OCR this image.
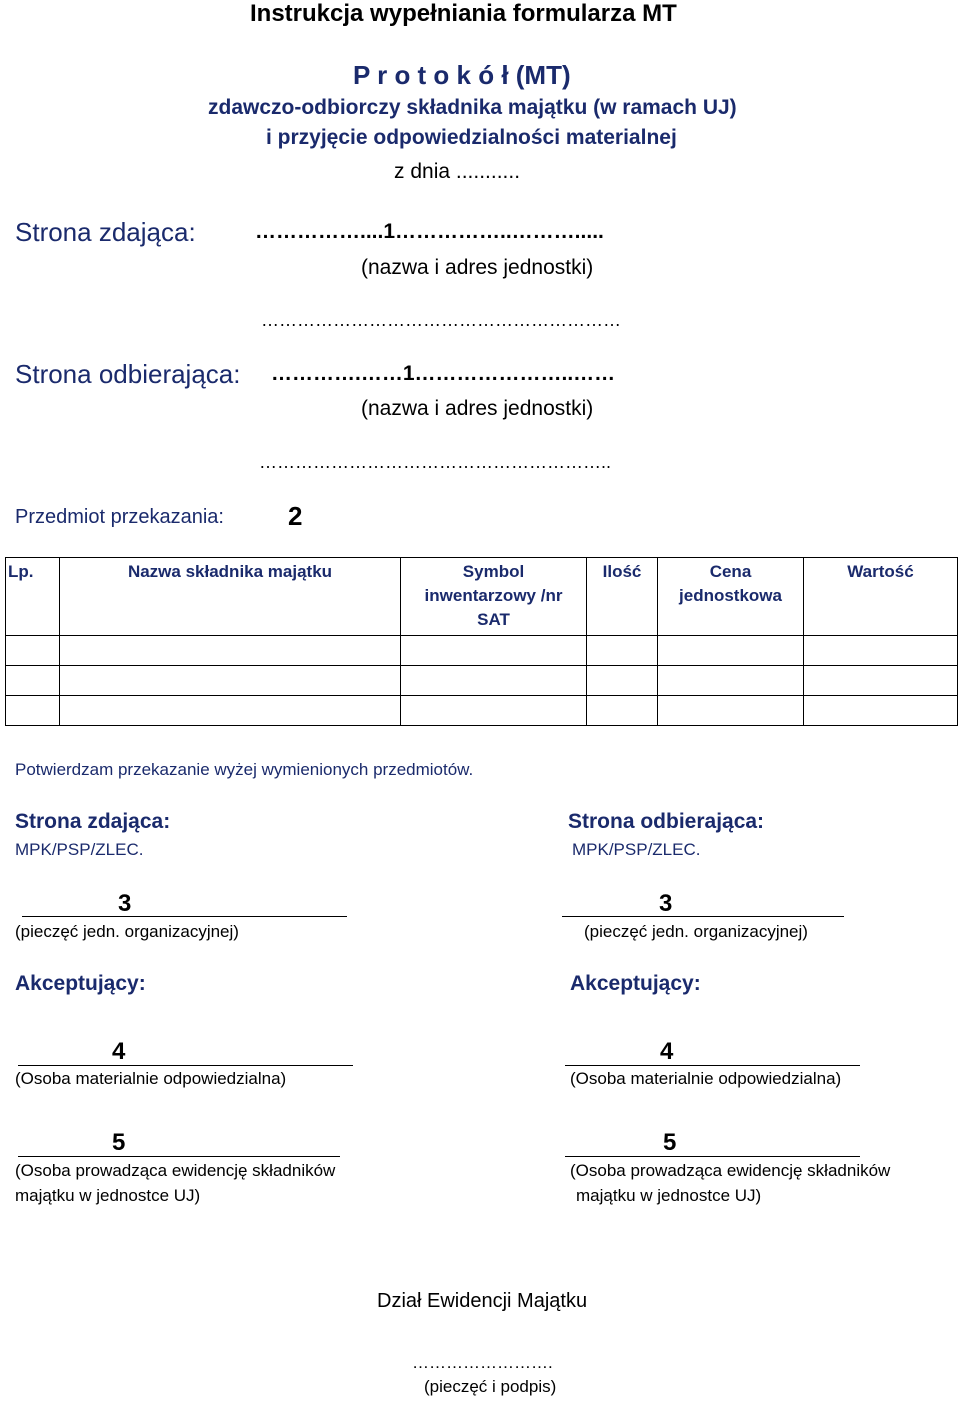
Instrukcja wypełniania formularza MT
P r o t o k ó ł (MT)
zdawczo-odbiorczy składnika majątku (w ramach UJ)
i przyjęcie odpowiedzialności materialnej
z dnia ...........
Strona zdająca:	……………....1……………..……….....
(nazwa i adres jednostki)
……………………………………………………
Strona odbierająca: ………….……1…………………..……
(nazwa i adres jednostki)
…………………………………………………..
Przedmiot przekazania: 2
Lp.	Nazwa składnika majątku	Symbol inwentarzowy /nr SAT	Ilość	Cena jednostkowa	Wartość

Potwierdzam przekazanie wyżej wymienionych przedmiotów.
Strona zdająca:
MPK/PSP/ZLEC.
3
(pieczęć jedn. organizacyjnej)
Akceptujący:
4
(Osoba materialnie odpowiedzialna)
5
(Osoba prowadząca ewidencję składników
majątku w jednostce UJ)
Strona odbierająca:
MPK/PSP/ZLEC.
3
(pieczęć jedn. organizacyjnej)
Akceptujący:
4
(Osoba materialnie odpowiedzialna)
5
(Osoba prowadząca ewidencję składników
majątku w jednostce UJ)
Dział Ewidencji Majątku
…………………….
(pieczęć i podpis)
